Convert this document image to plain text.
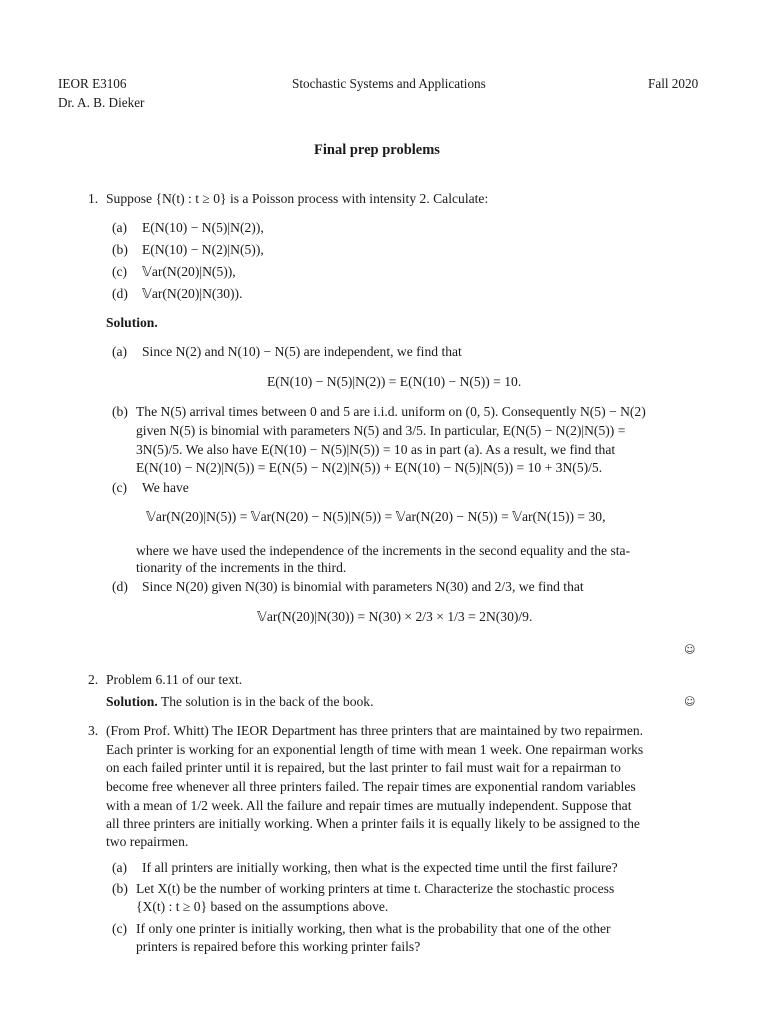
IEOR E3106
Dr. A. B. Dieker
Stochastic Systems and Applications	Fall 2020
Final prep problems
1. Suppose {N(t) : t ≥ 0} is a Poisson process with intensity 2. Calculate:
(a) E(N(10) − N(5)|N(2)),
(b) E(N(10) − N(2)|N(5)),
(c) 𝕍ar(N(20)|N(5)),
(d) 𝕍ar(N(20)|N(30)).
Solution.
(a) Since N(2) and N(10) − N(5) are independent, we find that
E(N(10) − N(5)|N(2)) = E(N(10) − N(5)) = 10.
(b) The N(5) arrival times between 0 and 5 are i.i.d. uniform on (0, 5). Consequently N(5) − N(2)
given N(5) is binomial with parameters N(5) and 3/5. In particular, E(N(5) − N(2)|N(5)) =
3N(5)/5. We also have E(N(10) − N(5)|N(5)) = 10 as in part (a). As a result, we find that
E(N(10) − N(2)|N(5)) = E(N(5) − N(2)|N(5)) + E(N(10) − N(5)|N(5)) = 10 + 3N(5)/5.
(c) We have
𝕍ar(N(20)|N(5)) = 𝕍ar(N(20) − N(5)|N(5)) = 𝕍ar(N(20) − N(5)) = 𝕍ar(N(15)) = 30,
where we have used the independence of the increments in the second equality and the sta-
tionarity of the increments in the third.
(d) Since N(20) given N(30) is binomial with parameters N(30) and 2/3, we find that
𝕍ar(N(20)|N(30)) = N(30) × 2/3 × 1/3 = 2N(30)/9.
☺
2. Problem 6.11 of our text.
Solution. The solution is in the back of the book.	☺
3. (From Prof. Whitt) The IEOR Department has three printers that are maintained by two repairmen.
Each printer is working for an exponential length of time with mean 1 week. One repairman works
on each failed printer until it is repaired, but the last printer to fail must wait for a repairman to
become free whenever all three printers failed. The repair times are exponential random variables
with a mean of 1/2 week. All the failure and repair times are mutually independent. Suppose that
all three printers are initially working. When a printer fails it is equally likely to be assigned to the
two repairmen.
(a) If all printers are initially working, then what is the expected time until the first failure?
(b) Let X(t) be the number of working printers at time t. Characterize the stochastic process
{X(t) : t ≥ 0} based on the assumptions above.
(c) If only one printer is initially working, then what is the probability that one of the other
printers is repaired before this working printer fails?
